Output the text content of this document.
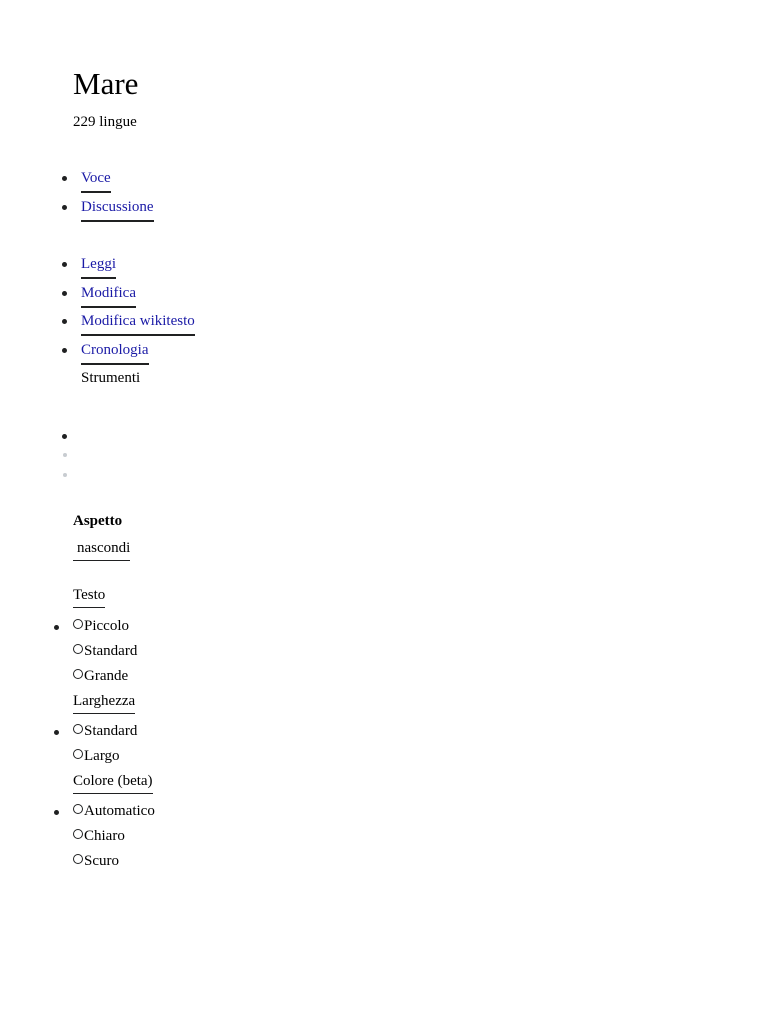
Mare
229 lingue
Voce
Discussione
Leggi
Modifica
Modifica wikitesto
Cronologia
Strumenti
Aspetto
nascondi
Testo
Piccolo
Standard
Grande
Larghezza
Standard
Largo
Colore (beta)
Automatico
Chiaro
Scuro
